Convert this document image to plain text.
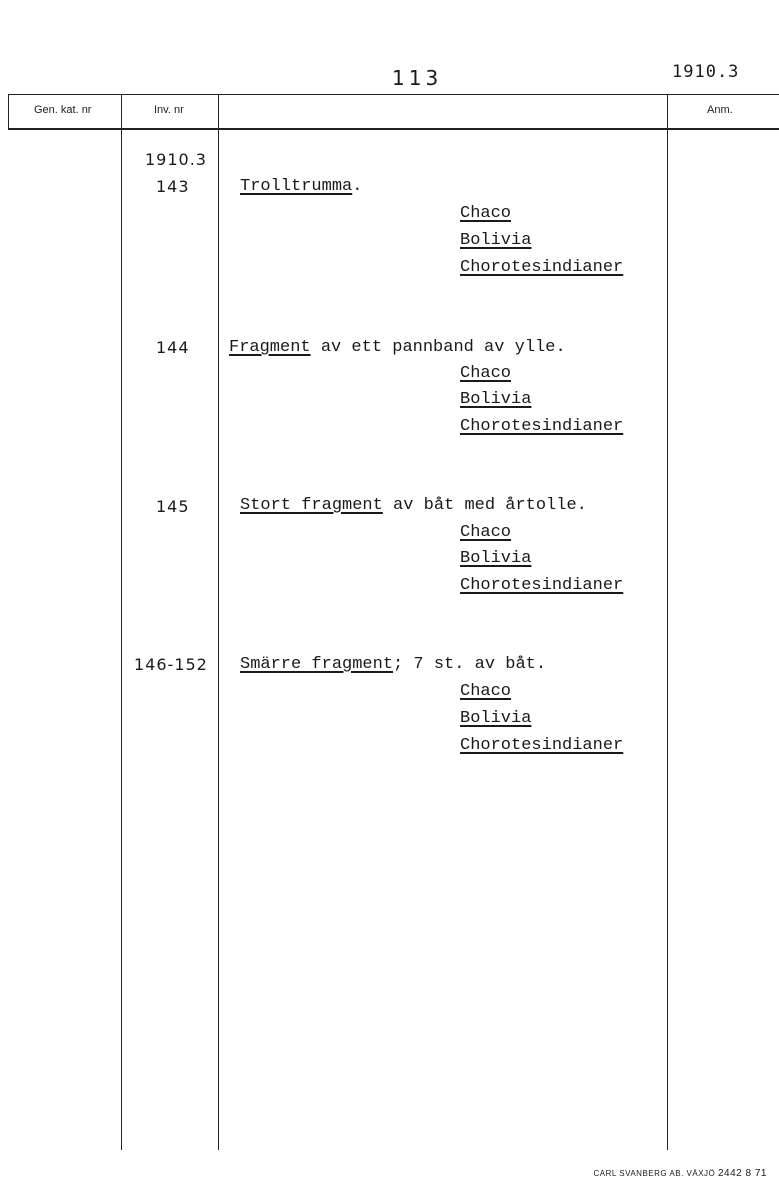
113	1910.3
Gen. kat. nr	Inv. nr	Anm.
1910.3
143	Trolltrumma.
Chaco
Bolivia
Chorotesindianer
144 Fragment av ett pannband av ylle.
Chaco
Bolivia
Chorotesindianer
145	Stort fragment av båt med årtolle.
Chaco
Bolivia
Chorotesindianer
146-152 Smärre fragment; 7 st. av båt.
Chaco
Bolivia
Chorotesindianer
CARL SVANBERG AB. VÄXJÖ 2442 8 71
